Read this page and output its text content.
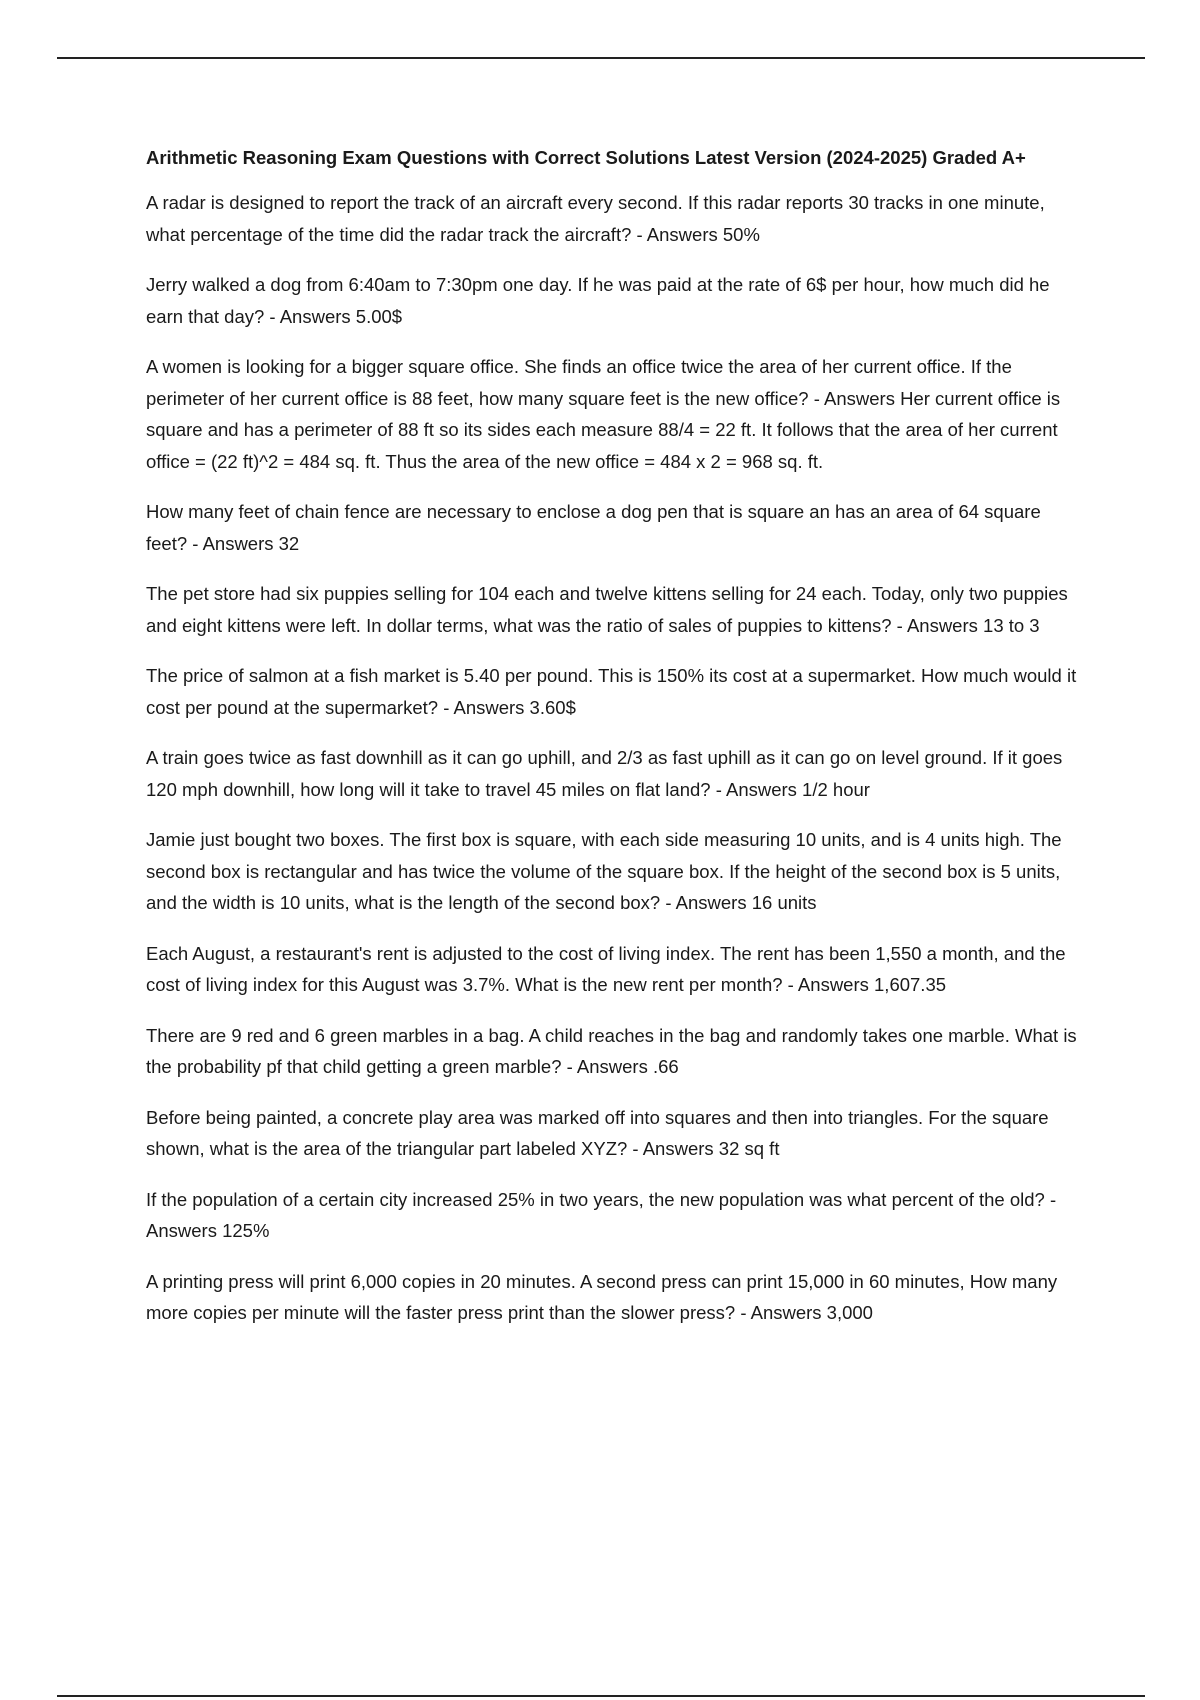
Arithmetic Reasoning Exam Questions with Correct Solutions Latest Version (2024-2025) Graded A+
A radar is designed to report the track of an aircraft every second. If this radar reports 30 tracks in one minute, what percentage of the time did the radar track the aircraft? - Answers 50%
Jerry walked a dog from 6:40am to 7:30pm one day. If he was paid at the rate of 6$ per hour, how much did he earn that day? - Answers 5.00$
A women is looking for a bigger square office. She finds an office twice the area of her current office. If the perimeter of her current office is 88 feet, how many square feet is the new office? - Answers Her current office is square and has a perimeter of 88 ft so its sides each measure 88/4 = 22 ft. It follows that the area of her current office = (22 ft)^2 = 484 sq. ft. Thus the area of the new office = 484 x 2 = 968 sq. ft.
How many feet of chain fence are necessary to enclose a dog pen that is square an has an area of 64 square feet? - Answers 32
The pet store had six puppies selling for 104 each and twelve kittens selling for 24 each. Today, only two puppies and eight kittens were left. In dollar terms, what was the ratio of sales of puppies to kittens? - Answers 13 to 3
The price of salmon at a fish market is 5.40 per pound. This is 150% its cost at a supermarket. How much would it cost per pound at the supermarket? - Answers 3.60$
A train goes twice as fast downhill as it can go uphill, and 2/3 as fast uphill as it can go on level ground. If it goes 120 mph downhill, how long will it take to travel 45 miles on flat land? - Answers 1/2 hour
Jamie just bought two boxes. The first box is square, with each side measuring 10 units, and is 4 units high. The second box is rectangular and has twice the volume of the square box. If the height of the second box is 5 units, and the width is 10 units, what is the length of the second box? - Answers 16 units
Each August, a restaurant's rent is adjusted to the cost of living index. The rent has been 1,550 a month, and the cost of living index for this August was 3.7%. What is the new rent per month? - Answers 1,607.35
There are 9 red and 6 green marbles in a bag. A child reaches in the bag and randomly takes one marble. What is the probability pf that child getting a green marble? - Answers .66
Before being painted, a concrete play area was marked off into squares and then into triangles. For the square shown, what is the area of the triangular part labeled XYZ? - Answers 32 sq ft
If the population of a certain city increased 25% in two years, the new population was what percent of the old? - Answers 125%
A printing press will print 6,000 copies in 20 minutes. A second press can print 15,000 in 60 minutes, How many more copies per minute will the faster press print than the slower press? - Answers 3,000
